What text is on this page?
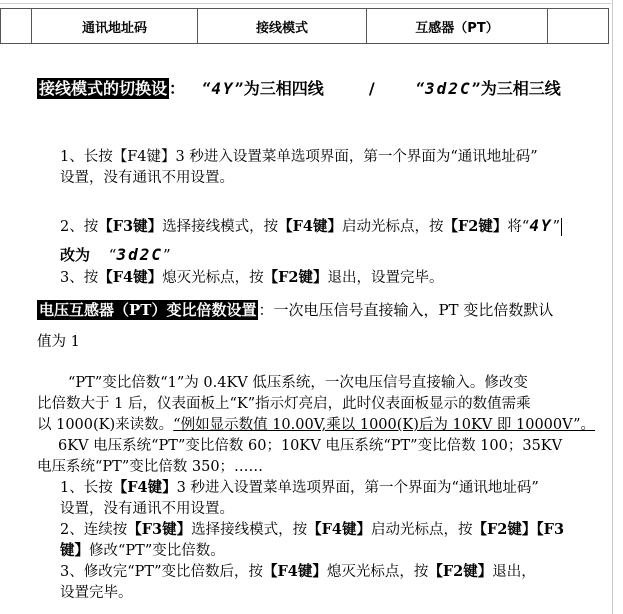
	通讯地址码	接线模式	互感器（PT）	
接线模式的切换设 ： “4Y”为三相四线	/	“3d2C”为三相三线
1、长按【F4键】3 秒进入设置菜单选项界面，第一个界面为“通讯地址码”
设置，没有通讯不用设置。
2、按【F3键】选择接线模式，按【F4键】启动光标点，按【F2键】将“4Y”
改为 “3d2C”
3、按【F4键】熄灭光标点，按【F2键】退出，设置完毕。
电压互感器（PT）变比倍数设置 ：一次电压信号直接输入，PT 变比倍数默认
值为 1
“PT”变比倍数“1”为 0.4KV 低压系统，一次电压信号直接输入。修改变
比倍数大于 1 后，仪表面板上“K”指示灯亮启，此时仪表面板显示的数值需乘
以 1000(K)来读数。“例如显示数值 10.00V,乘以 1000(K)后为 10KV 即 10000V”。
6KV 电压系统“PT”变比倍数 60；10KV 电压系统“PT”变比倍数 100；35KV
电压系统“PT”变比倍数 350；……
1、长按【F4键】3 秒进入设置菜单选项界面，第一个界面为“通讯地址码”
设置，没有通讯不用设置。
2、连续按【F3键】选择接线模式，按【F4键】启动光标点，按【F2键】【F3
键】修改“PT”变比倍数。
3、修改完“PT”变比倍数后，按【F4键】熄灭光标点，按【F2键】退出，
设置完毕。
